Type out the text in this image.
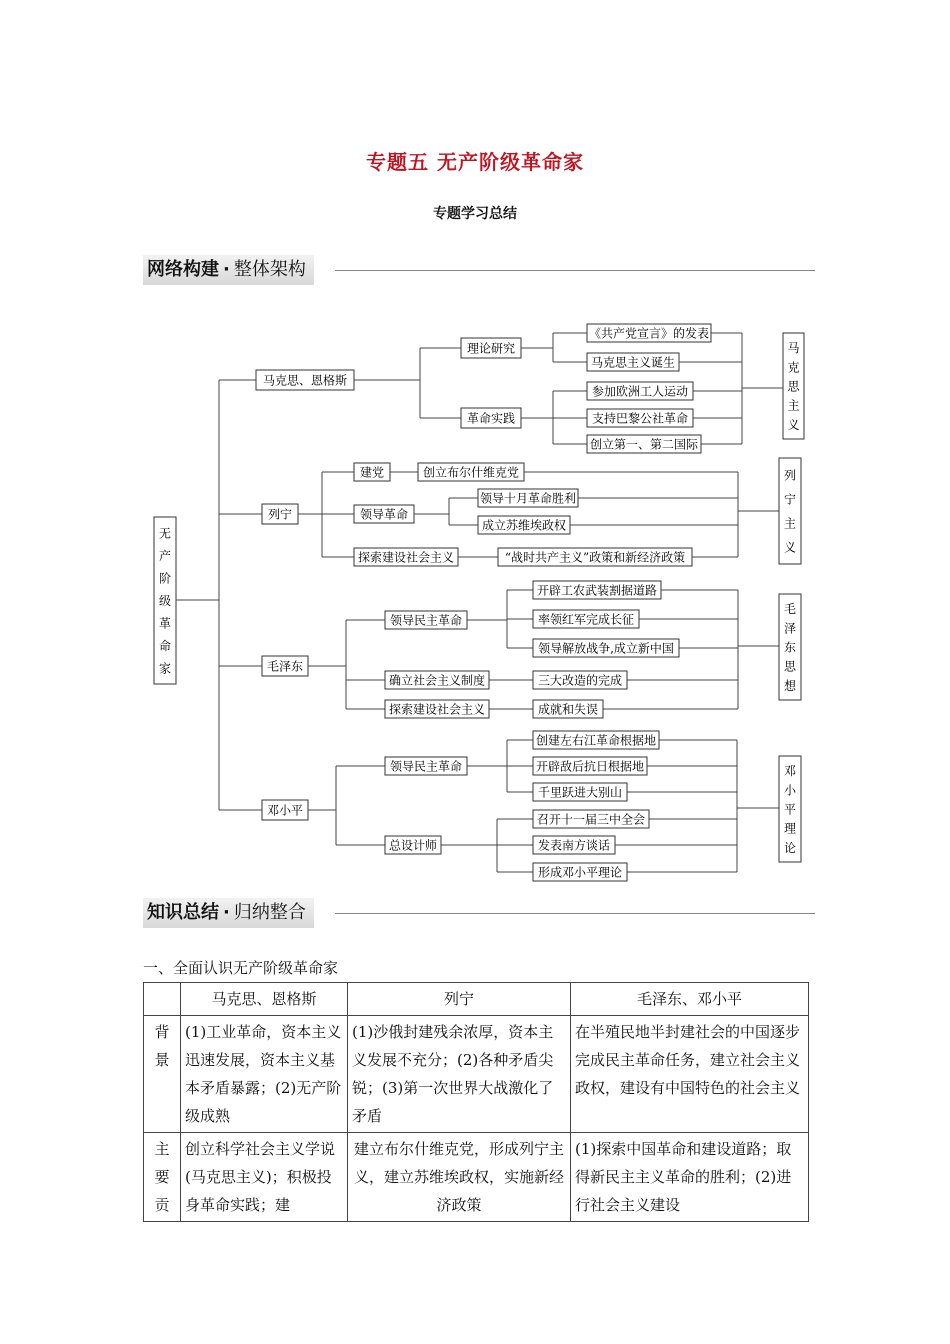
专题五 无产阶级革命家
专题学习总结
网络构建 · 整体架构
无
产
阶
级
革
命
家
马克思、恩格斯
列宁
毛泽东
邓小平
理论研究
革命实践
《共产党宣言》的发表
马克思主义诞生
参加欧洲工人运动
支持巴黎公社革命
创立第一、第二国际
马
克
思
主
义
建党
领导革命
探索建设社会主义
创立布尔什维克党
领导十月革命胜利
成立苏维埃政权
“战时共产主义”政策和新经济政策
列
宁
主
义
领导民主革命
确立社会主义制度
探索建设社会主义
开辟工农武装割据道路
率领红军完成长征
领导解放战争,成立新中国
三大改造的完成
成就和失误
毛
泽
东
思
想
领导民主革命
总设计师
创建左右江革命根据地
开辟敌后抗日根据地
千里跃进大别山
召开十一届三中全会
发表南方谈话
形成邓小平理论
邓
小
平
理
论
知识总结 · 归纳整合
一、全面认识无产阶级革命家
	马克思、恩格斯	列宁	毛泽东、邓小平
背景	(1)工业革命，资本主义迅速发展，资本主义基本矛盾暴露；(2)无产阶级成熟	(1)沙俄封建残余浓厚，资本主义发展不充分；(2)各种矛盾尖锐；(3)第一次世界大战激化了矛盾	在半殖民地半封建社会的中国逐步完成民主革命任务，建立社会主义政权，建设有中国特色的社会主义
主要贡	创立科学社会主义学说(马克思主义)；积极投身革命实践；建	建立布尔什维克党，形成列宁主义，建立苏维埃政权，实施新经济政策	(1)探索中国革命和建设道路；取得新民主主义革命的胜利；(2)进行社会主义建设
